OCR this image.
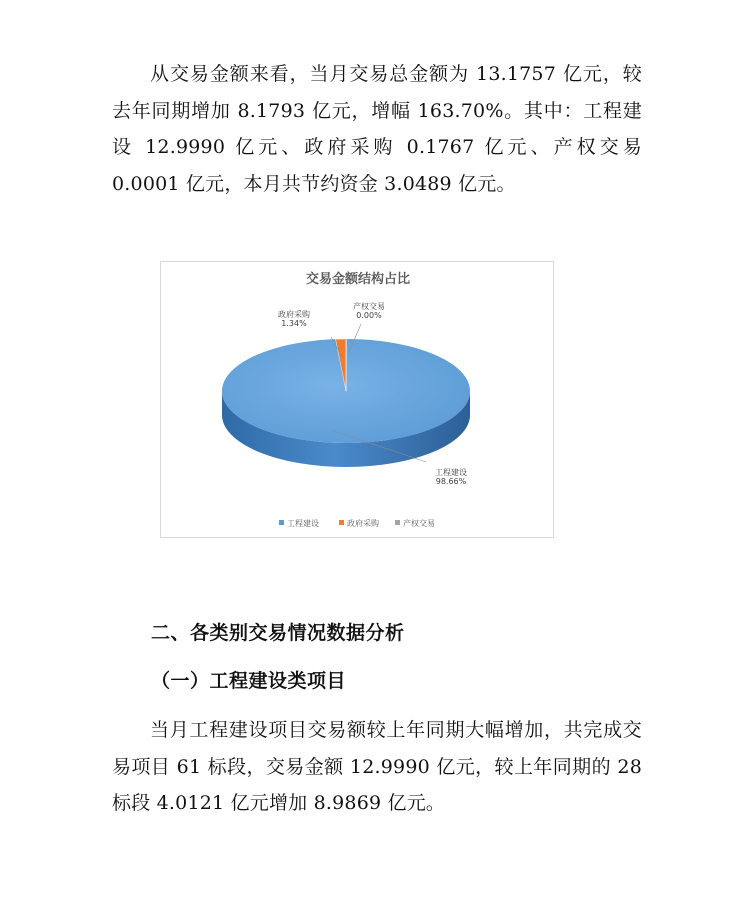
从交易金额来看，当月交易总金额为 13.1757 亿元，较去年同期增加 8.1793 亿元，增幅 163.70%。其中：工程建设 12.9990 亿元、政府采购 0.1767 亿元、产权交易 0.0001 亿元，本月共节约资金 3.0489 亿元。

交易金额结构占比
工程建设
98.66%
政府采购
1.34%
产权交易
0.00%
工程建设	政府采购	产权交易
二、各类别交易情况数据分析
（一）工程建设类项目

当月工程建设项目交易额较上年同期大幅增加，共完成交易项目 61 标段，交易金额 12.9990 亿元，较上年同期的 28 标段 4.0121 亿元增加 8.9869 亿元。
